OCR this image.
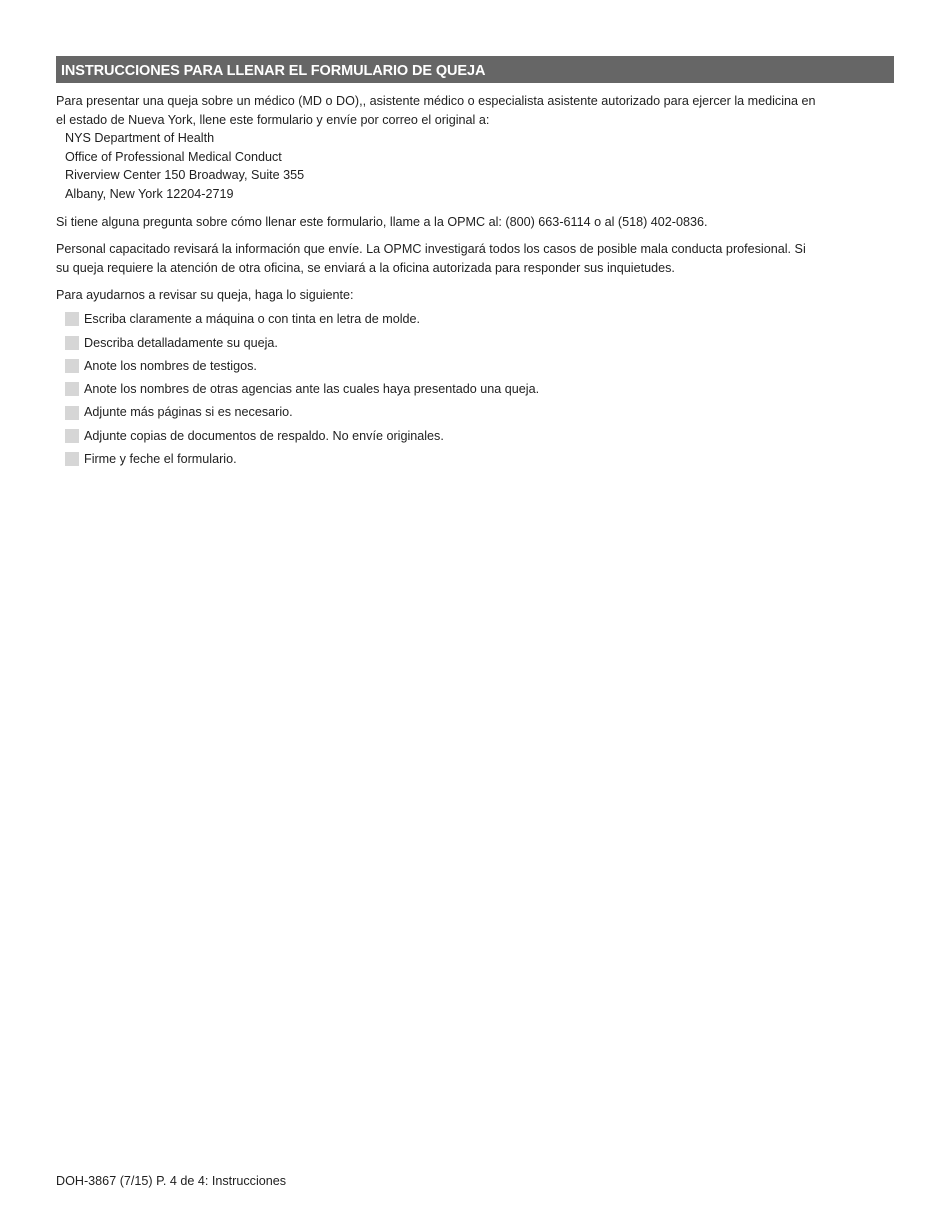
INSTRUCCIONES PARA LLENAR EL FORMULARIO DE QUEJA

Para presentar una queja sobre un médico (MD o DO),, asistente médico o especialista asistente autorizado para ejercer la medicina en
el estado de Nueva York, llene este formulario y envíe por correo el original a:

NYS Department of Health
Office of Professional Medical Conduct
Riverview Center 150 Broadway, Suite 355
Albany, New York 12204-2719

Si tiene alguna pregunta sobre cómo llenar este formulario, llame a la OPMC al: (800) 663-6114 o al (518) 402-0836.

Personal capacitado revisará la información que envíe. La OPMC investigará todos los casos de posible mala conducta profesional. Si
su queja requiere la atención de otra oficina, se enviará a la oficina autorizada para responder sus inquietudes.

Para ayudarnos a revisar su queja, haga lo siguiente:

Escriba claramente a máquina o con tinta en letra de molde.
Describa detalladamente su queja.
Anote los nombres de testigos.
Anote los nombres de otras agencias ante las cuales haya presentado una queja.
Adjunte más páginas si es necesario.
Adjunte copias de documentos de respaldo. No envíe originales.
Firme y feche el formulario.
DOH-3867 (7/15) P. 4 de 4: Instrucciones
